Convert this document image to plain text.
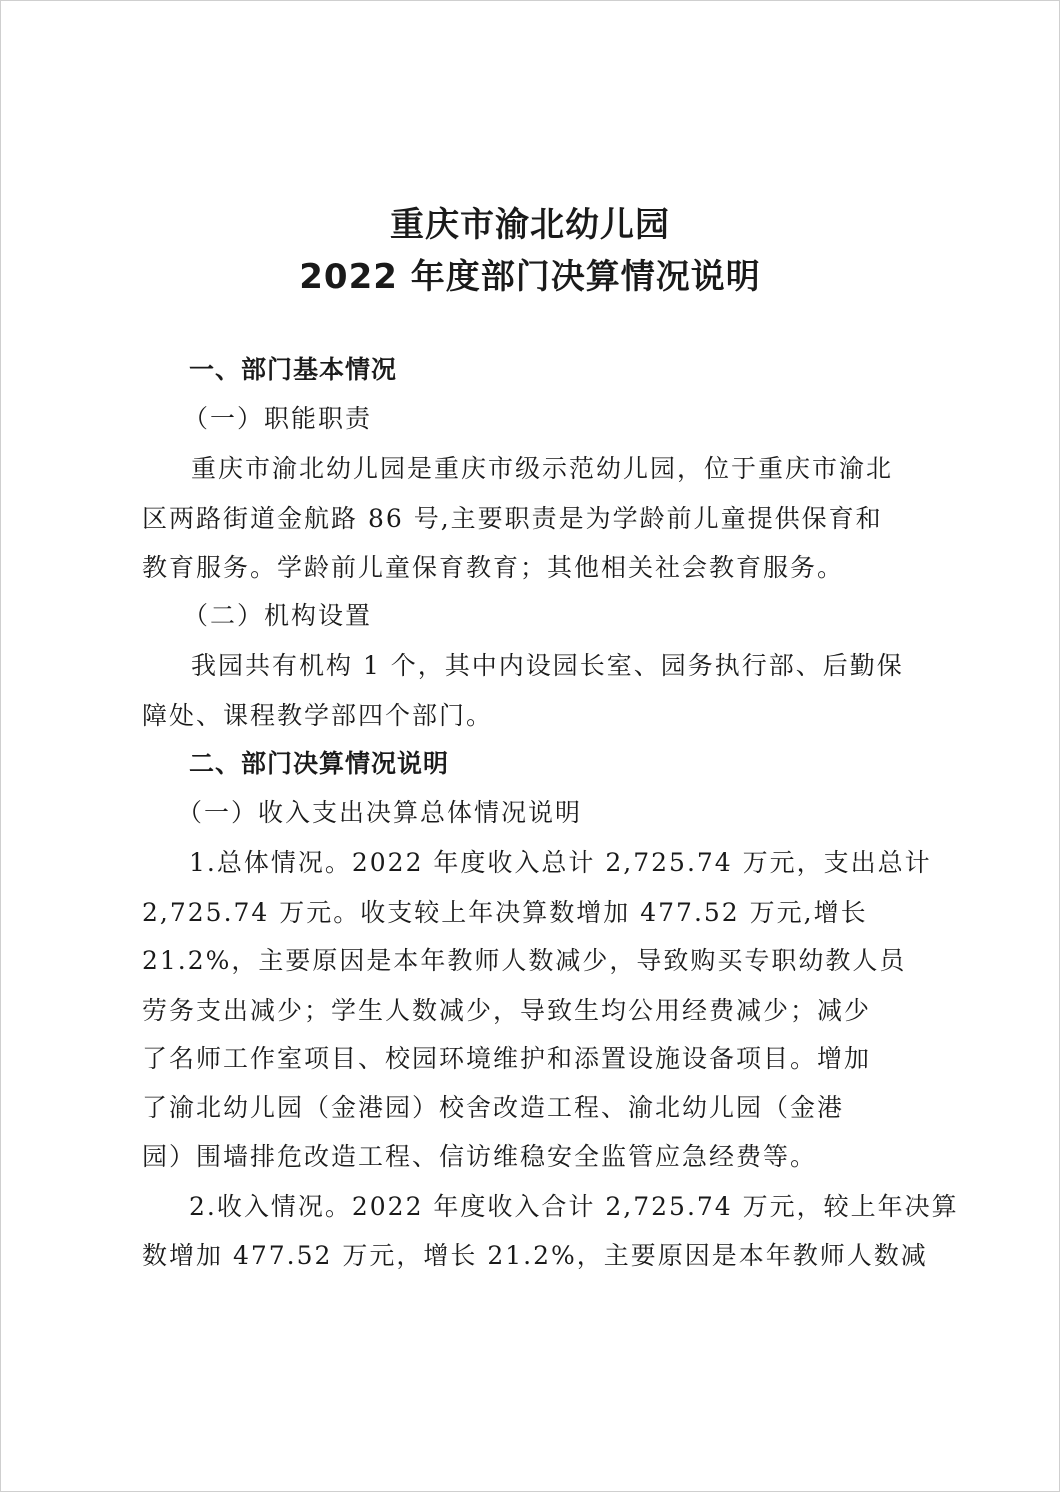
重庆市渝北幼儿园
2022 年度部门决算情况说明
一、部门基本情况
（一）职能职责
重庆市渝北幼儿园是重庆市级示范幼儿园，位于重庆市渝北
区两路街道金航路 86 号,主要职责是为学龄前儿童提供保育和
教育服务。学龄前儿童保育教育；其他相关社会教育服务。
（二）机构设置
我园共有机构 1 个，其中内设园长室、园务执行部、后勤保
障处、课程教学部四个部门。
二、部门决算情况说明
（一）收入支出决算总体情况说明
1.总体情况。2022 年度收入总计 2,725.74 万元，支出总计
2,725.74 万元。收支较上年决算数增加 477.52 万元,增长
21.2%，主要原因是本年教师人数减少，导致购买专职幼教人员
劳务支出减少；学生人数减少，导致生均公用经费减少；减少
了名师工作室项目、校园环境维护和添置设施设备项目。增加
了渝北幼儿园（金港园）校舍改造工程、渝北幼儿园（金港
园）围墙排危改造工程、信访维稳安全监管应急经费等。
2.收入情况。2022 年度收入合计 2,725.74 万元，较上年决算
数增加 477.52 万元，增长 21.2%，主要原因是本年教师人数减
